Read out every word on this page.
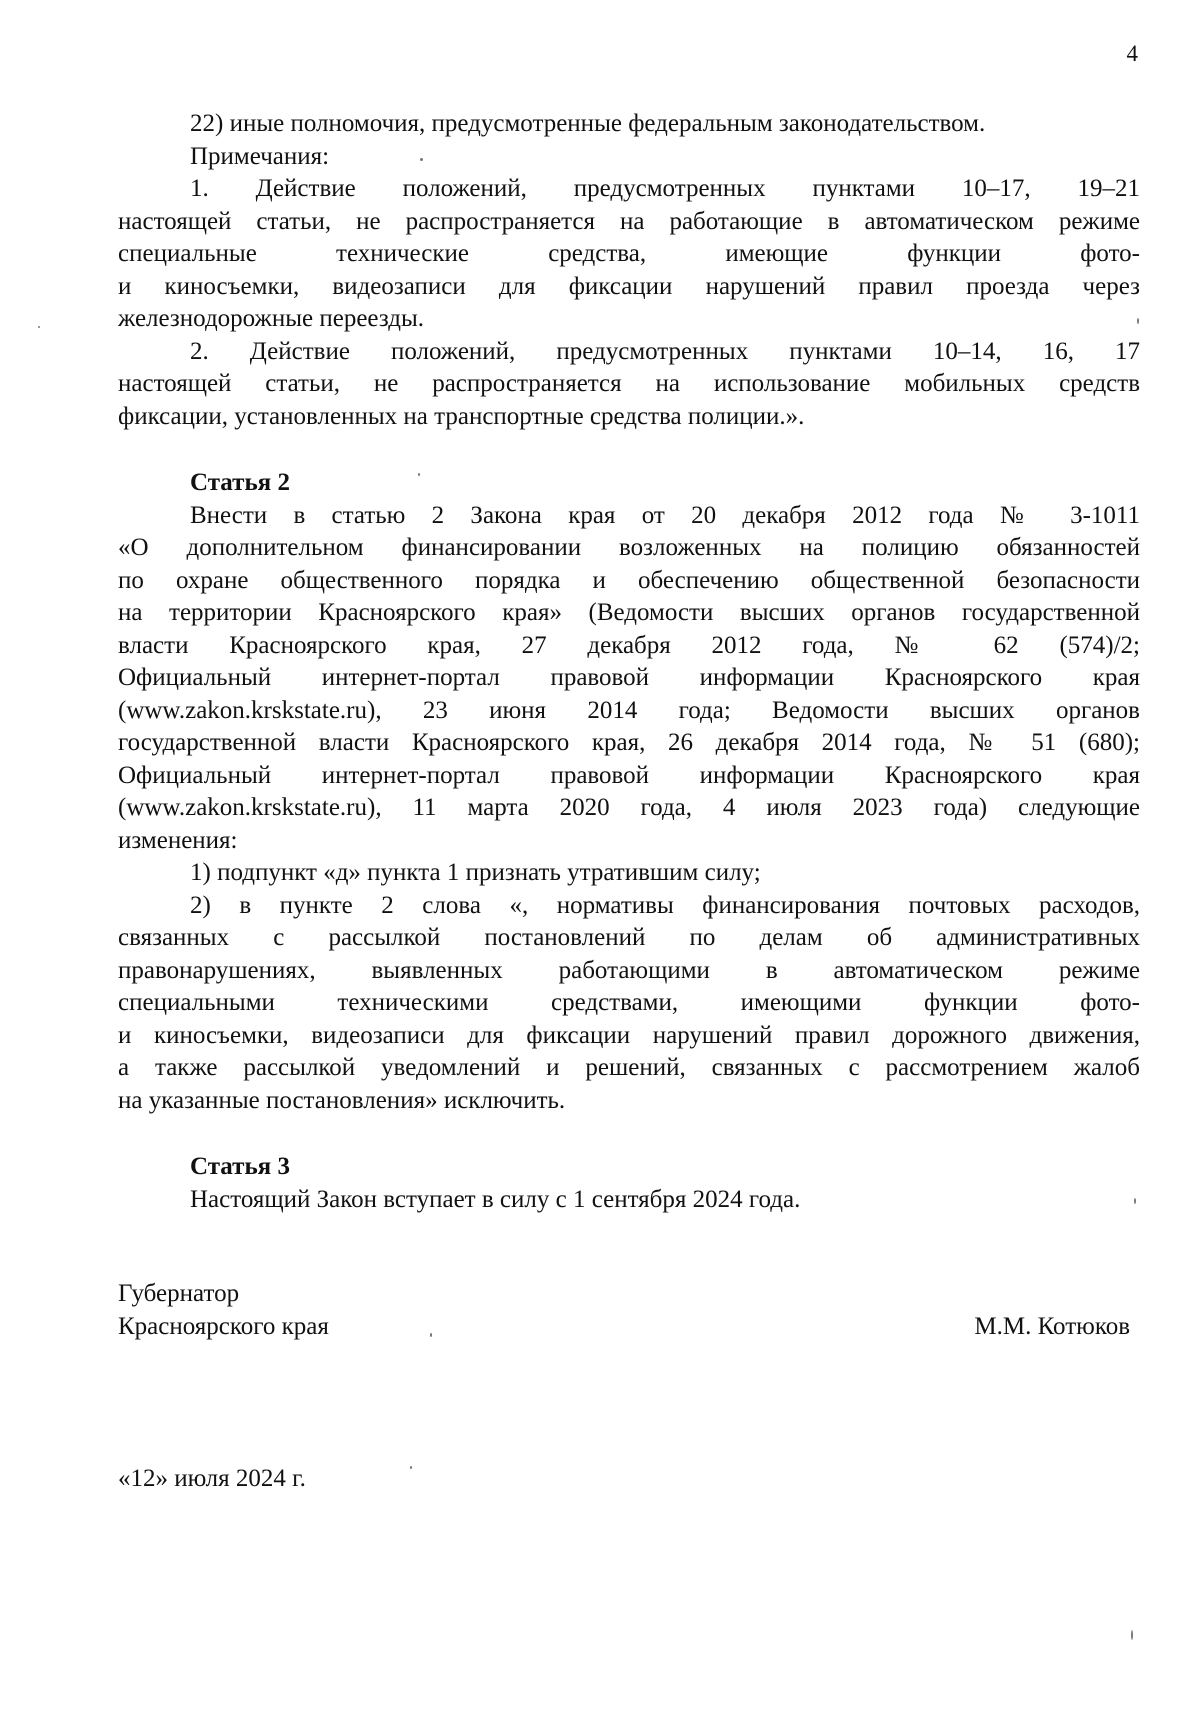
4
22) иные полномочия, предусмотренные федеральным законодательством.
Примечания:
1. Действие положений, предусмотренных пунктами 10–17, 19–21
настоящей статьи, не распространяется на работающие в автоматическом режиме
специальные технические средства, имеющие функции фото-
и киносъемки, видеозаписи для фиксации нарушений правил проезда через
железнодорожные переезды.
2. Действие положений, предусмотренных пунктами 10–14, 16, 17
настоящей статьи, не распространяется на использование мобильных средств
фиксации, установленных на транспортные средства полиции.».
Статья 2
Внести в статью 2 Закона края от 20 декабря 2012 года № 3-1011
«О дополнительном финансировании возложенных на полицию обязанностей
по охране общественного порядка и обеспечению общественной безопасности
на территории Красноярского края» (Ведомости высших органов государственной
власти Красноярского края, 27 декабря 2012 года, № 62 (574)/2;
Официальный интернет-портал правовой информации Красноярского края
(www.zakon.krskstate.ru), 23 июня 2014 года; Ведомости высших органов
государственной власти Красноярского края, 26 декабря 2014 года, № 51 (680);
Официальный интернет-портал правовой информации Красноярского края
(www.zakon.krskstate.ru), 11 марта 2020 года, 4 июля 2023 года) следующие
изменения:
1) подпункт «д» пункта 1 признать утратившим силу;
2) в пункте 2 слова «, нормативы финансирования почтовых расходов,
связанных с рассылкой постановлений по делам об административных
правонарушениях, выявленных работающими в автоматическом режиме
специальными техническими средствами, имеющими функции фото-
и киносъемки, видеозаписи для фиксации нарушений правил дорожного движения,
а также рассылкой уведомлений и решений, связанных с рассмотрением жалоб
на указанные постановления» исключить.
Статья 3
Настоящий Закон вступает в силу с 1 сентября 2024 года.
Губернатор
Красноярского края	М.М. Котюков
«12» июля 2024 г.
